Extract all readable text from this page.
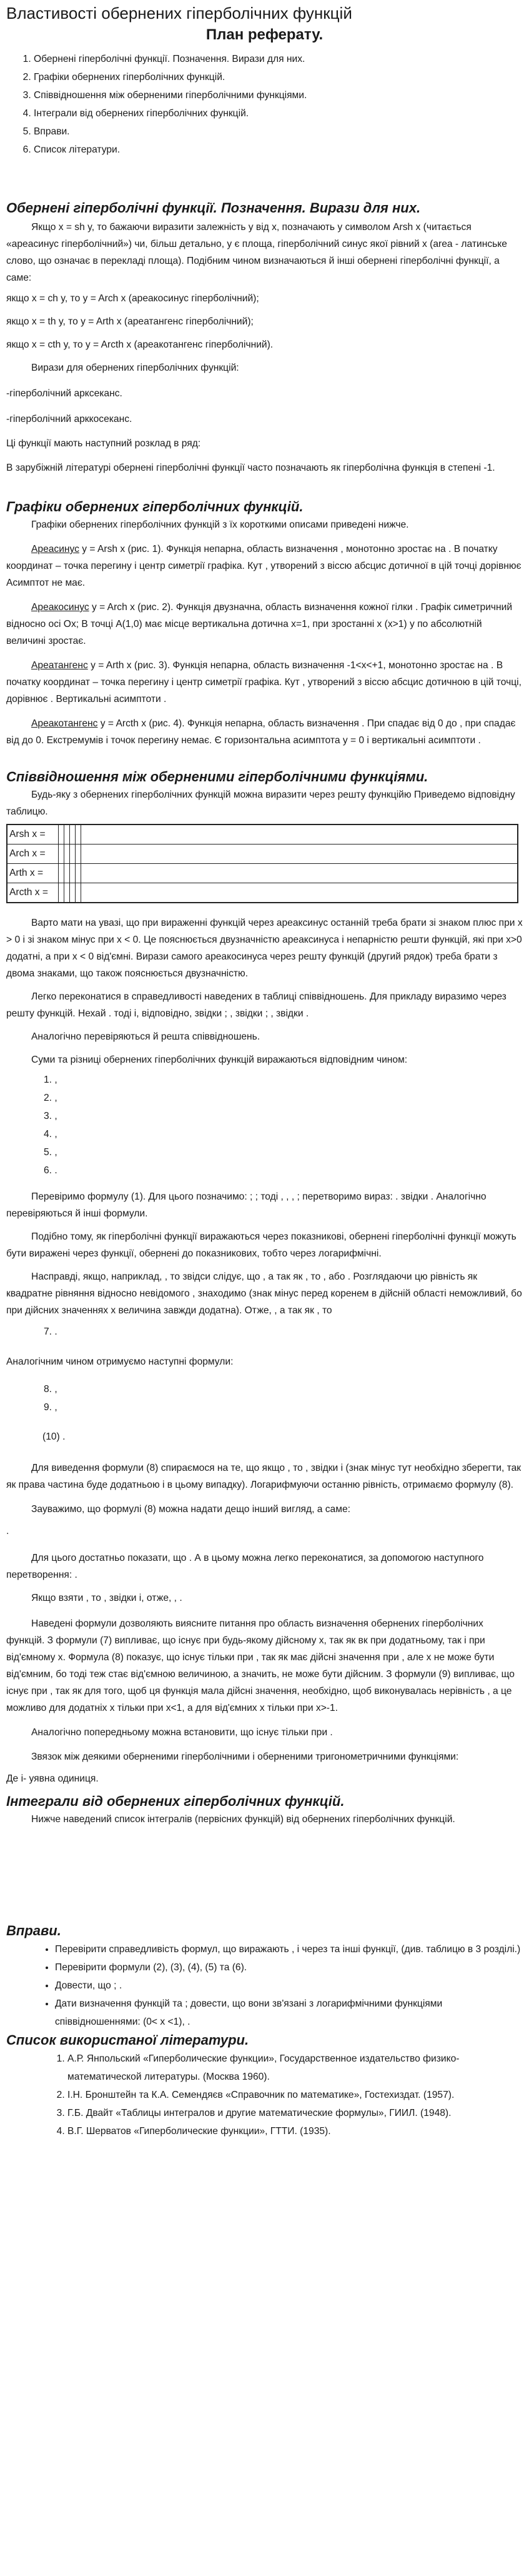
Властивості обернених гіперболічних функцій
План реферату.
1. Обернені гіперболічні функції. Позначення. Вирази для них.
2. Графіки обернених гіперболічних функцій.
3. Співвідношення між оберненими гіперболічними функціями.
4. Інтеграли від обернених гіперболічних функцій.
5. Вправи.
6. Список літератури.
Обернені гіперболічні функції. Позначення. Вирази для них.

Якщо x = sh y, то бажаючи виразити залежність y від x, позначають y символом Arsh x (читається «ареасинус гіперболічний») чи, більш детально, у є площа, гіперболічний синус якої рівний x (area - латинське слово, що означає в перекладі площа). Подібним чином визначаються й інші обернені гіперболічні функції, а саме:

якщо x = ch y, то y = Arch x (ареакосинус гіперболічний);

якщо x = th y, то y = Arth x (ареатангенс гіперболічний);

якщо x = cth y, то y = Arcth x (ареакотангенс гіперболічний).

Вирази для обернених гіперболічних функцій:

-гіперболічний арксеканс.

-гіперболічний арккосеканс.

Ці функції мають наступний розклад в ряд:

В зарубіжній літературі обернені гіперболічні функції часто позначають як гіперболічна функція в степені -1.

Графіки обернених гіперболічних функцій.

Графіки обернених гіперболічних функцій з їх короткими описами приведені нижче.

Ареасинус y = Arsh x (рис. 1). Функція непарна, область визначення , монотонно зростає на . В початку координат – точка перегину і центр симетрії графіка. Кут , утворений з віссю абсцис дотичної в цій точці дорівнює Асимптот не має.

Ареакосинус y = Arch x (рис. 2). Функція двузначна, область визначення кожної гілки . Графік симетричний відносно осі Ox; В точці A(1,0) має місце вертикальна дотична x=1, при зростанні x (x>1) y по абсолютній величині зростає.

Ареатангенс y = Arth x (рис. 3). Функція непарна, область визначення -1<x<+1, монотонно зростає на . В початку координат – точка перегину і центр симетрії графіка. Кут , утворений з віссю абсцис дотичною в цій точці, дорівнює . Вертикальні асимптоти .

Ареакотангенс y = Arcth x (рис. 4). Функція непарна, область визначення . При спадає від 0 до , при спадає від до 0. Екстремумів і точок перегину немає. Є горизонтальна асимптота y = 0 і вертикальні асимптоти .

Співвідношення між оберненими гіперболічними функціями.

Будь-яку з обернених гіперболічних функцій можна виразити через решту функційю Приведемо відповідну таблицю.

Arsh x =					
Arch x =					
Arth x =					
Arcth x =					

Варто мати на увазі, що при вираженні функцій через ареаксинус останній треба брати зі знаком плюс при x > 0 і зі знаком мінус при x < 0. Це пояснюється двузначністю ареаксинуса і непарністю решти функцій, які при x>0 додатні, а при x < 0 від'ємні. Вирази самого ареакосинуса через решту функцій (другий рядок) треба брати з двома знаками, що також пояснюється двузначністю.

Легко переконатися в справедливості наведених в таблиці співвідношень. Для прикладу виразимо через решту функцій. Нехай . тоді і, відповідно, звідки ; , звідки ; , звідки .

Аналогічно перевіряються й решта співвідношень.

Суми та різниці обернених гіперболічних функцій виражаються відповідним чином:

1. ,

2. ,

3. ,

4. ,

5. ,

6. .

Перевіримо формулу (1). Для цього позначимо: ; ; тоді , , , ; перетворимо вираз: . звідки . Аналогічно перевіряються й інші формули.

Подібно тому, як гіперболічні функції виражаються через показникові, обернені гіперболічні функції можуть бути виражені через функції, обернені до показникових, тобто через логарифмічні.

Насправді, якщо, наприклад, , то звідси слідує, що , а так як , то , або . Розглядаючи цю рівність як квадратне рівняння відносно невідомого , знаходимо (знак мінус перед коренем в дійсній області неможливий, бо при дійсних значеннях x величина завжди додатна). Отже, , а так як , то

7. .

Аналогічним чином отримуємо наступні формули:

8. ,

9. ,

(10) .

Для виведення формули (8) спираємося на те, що якщо , то , звідки і (знак мінус тут необхідно зберегти, так як права частина буде додатньою і в цьому випадку). Логарифмуючи останню рівність, отримаємо формулу (8).

Зауважимо, що формулі (8) можна надати дещо інший вигляд, а саме:

.

Для цього достатньо показати, що . А в цьому можна легко переконатися, за допомогою наступного перетворення: .

Якщо взяти , то , звідки і, отже, , .

Наведені формули дозволяють виясните питання про область визначення обернених гіперболічних функцій. З формули (7) випливає, що існує при будь-якому дійсному x, так як вк при додатньому, так і при від'ємному x. Формула (8) показує, що існує тільки при , так як має дійсні значення при , але x не може бути від'ємним, бо тоді теж стає від'ємною величиною, а значить, не може бути дійсним. З формули (9) випливає, що існує при , так як для того, щоб ця функція мала дійсні значення, необхідно, щоб виконувалась нерівність , а це можливо для додатніх x тільки при x<1, а для від'ємних x тільки при x>-1.

Аналогічно попередньому можна встановити, що існує тільки при .

Звязок між деякими оберненими гіперболічними і оберненими тригонометричними функціями:

Де і- уявна одиниця.

Інтеграли від обернених гіперболічних функцій.

Нижче наведений список інтегралів (первісних функцій) від обернених гіперболічних функцій.

Вправи.
• Перевірити справедливість формул, що виражають , і через та інші функції, (див. таблицю в 3 розділі.)
• Перевірити формули (2), (3), (4), (5) та (6).
• Довести, що ; .
• Дати визначення функцій та ; довести, що вони зв'язані з логарифмічними функціями співвідношеннями: (0< x <1), .
Список використаної літератури.
1. А.Р. Янпольский «Гиперболические функции», Государственное издательство физико-математической литературы. (Москва 1960).
2. І.Н. Бронштейн та К.А. Семендяєв «Справочник по математике», Гостехиздат. (1957).
3. Г.Б. Двайт «Таблицы интегралов и другие математические формулы», ГИИЛ. (1948).
4. В.Г. Шерватов «Гиперболические функции», ГТТИ. (1935).
